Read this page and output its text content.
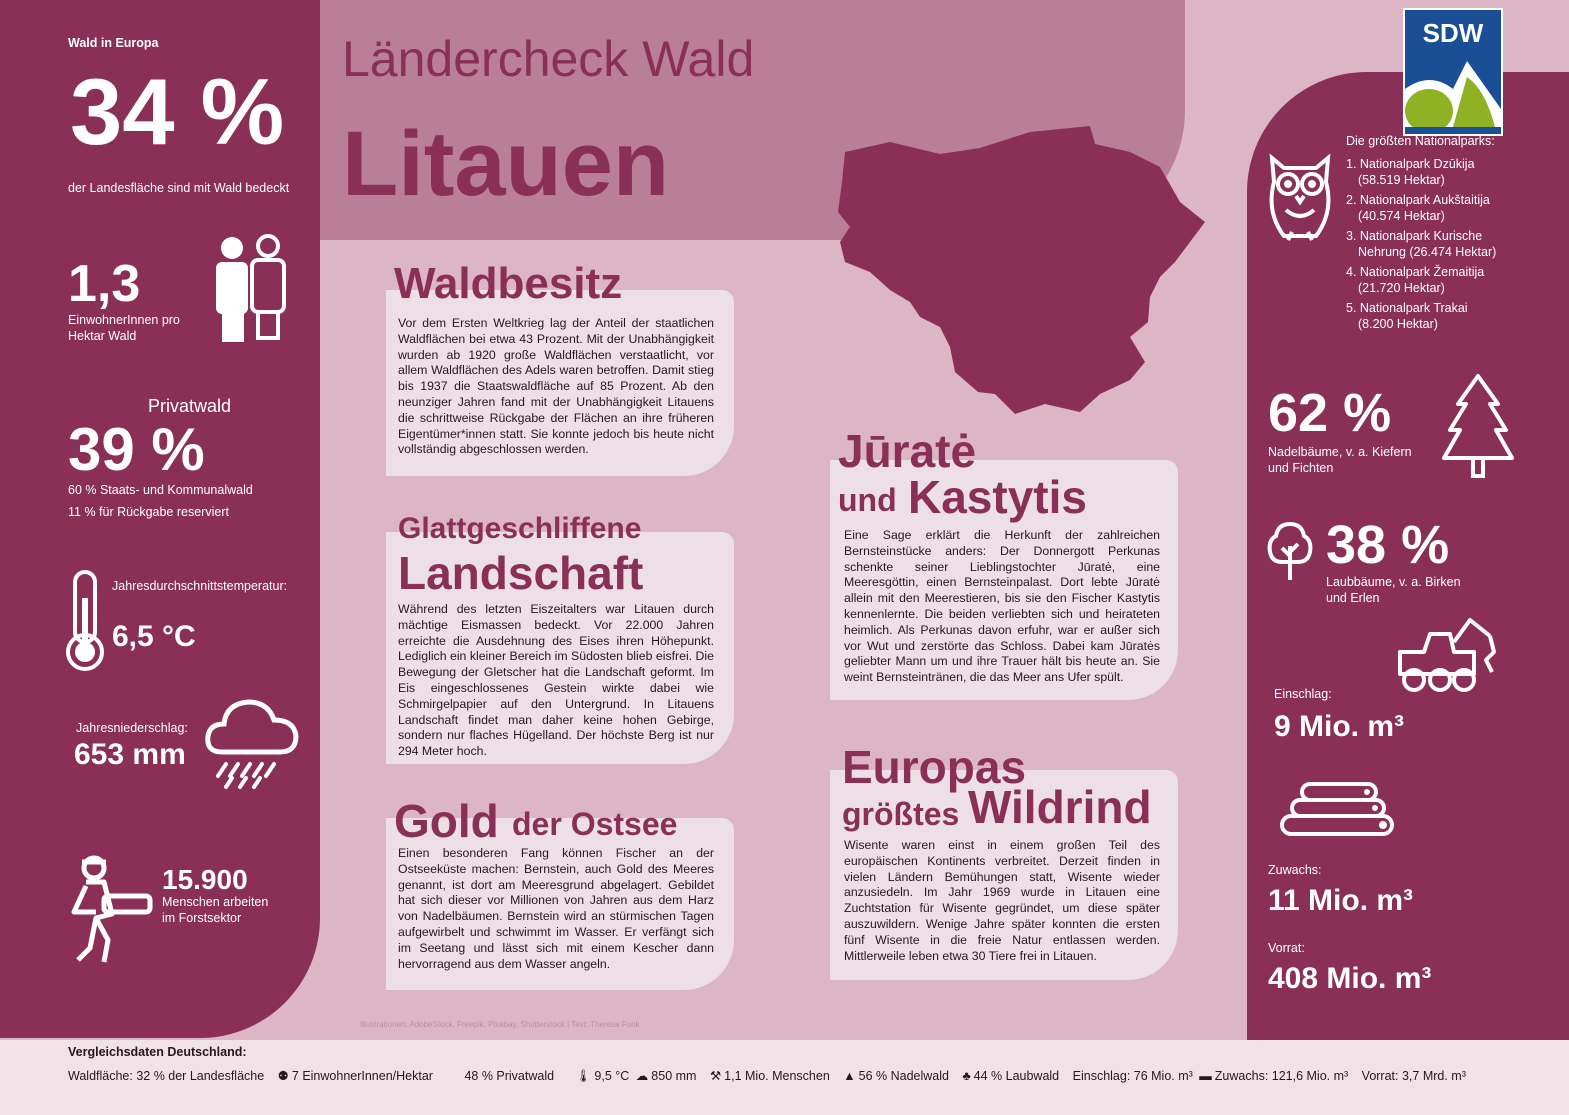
Ländercheck Wald
Litauen
SDW
Wald in Europa
34 %
der Landesfläche sind mit Wald bedeckt
1,3
EinwohnerInnen pro
Hektar Wald
Privatwald
39 %
60 % Staats- und Kommunalwald
11 % für Rückgabe reserviert
Jahresdurchschnittstemperatur:
6,5 °C
Jahresniederschlag:
653 mm
15.900
Menschen arbeiten
im Forstsektor

Vor dem Ersten Weltkrieg lag der Anteil der staatlichen Waldflächen bei etwa 43 Prozent. Mit der Unabhängigkeit wurden ab 1920 große Waldflächen verstaatlicht, vor allem Waldflächen des Adels waren betroffen. Damit stieg bis 1937 die Staatswaldfläche auf 85 Prozent. Ab den neunziger Jahren fand mit der Unabhängigkeit Litauens die schrittweise Rückgabe der Flächen an ihre früheren Eigentümer*innen statt. Sie konnte jedoch bis heute nicht vollständig abgeschlossen werden.

Waldbesitz

Während des letzten Eiszeitalters war Litauen durch mächtige Eismassen bedeckt. Vor 22.000 Jahren erreichte die Ausdehnung des Eises ihren Höhepunkt. Lediglich ein kleiner Bereich im Südosten blieb eisfrei. Die Bewegung der Gletscher hat die Landschaft geformt. Im Eis eingeschlossenes Gestein wirkte dabei wie Schmirgelpapier auf den Untergrund. In Litauens Landschaft findet man daher keine hohen Gebirge, sondern nur flaches Hügelland. Der höchste Berg ist nur 294 Meter hoch.

Glattgeschliffene
Landschaft

Einen besonderen Fang können Fischer an der Ostseeküste machen: Bernstein, auch Gold des Meeres genannt, ist dort am Meeresgrund abgelagert. Gebildet hat sich dieser vor Millionen von Jahren aus dem Harz von Nadelbäumen. Bernstein wird an stürmischen Tagen aufgewirbelt und schwimmt im Wasser. Er verfängt sich im Seetang und lässt sich mit einem Kescher dann hervorragend aus dem Wasser angeln.

Gold der Ostsee

Eine Sage erklärt die Herkunft der zahlreichen Bernsteinstücke anders: Der Donnergott Perkunas schenkte seiner Lieblingstochter Jūratė, eine Meeresgöttin, einen Bernsteinpalast. Dort lebte Jūratė allein mit den Meerestieren, bis sie den Fischer Kastytis kennenlernte. Die beiden verliebten sich und heirateten heimlich. Als Perkunas davon erfuhr, war er außer sich vor Wut und zerstörte das Schloss. Dabei kam Jūratės geliebter Mann um und ihre Trauer hält bis heute an. Sie weint Bernsteintränen, die das Meer ans Ufer spült.

Jūratė
und Kastytis

Wisente waren einst in einem großen Teil des europäischen Kontinents verbreitet. Derzeit finden in vielen Ländern Bemühungen statt, Wisente wieder anzusiedeln. Im Jahr 1969 wurde in Litauen eine Zuchtstation für Wisente gegründet, um diese später auszuwildern. Wenige Jahre später konnten die ersten fünf Wisente in die freie Natur entlassen werden. Mittlerweile leben etwa 30 Tiere frei in Litauen.

Europas
größtes Wildrind
Illustrationen: AdobeStock, Freepik, Pixabay, Shutterstock | Text: Theresa Funk
Die größten Nationalparks:
1. Nationalpark Dzūkija
(58.519 Hektar)
2. Nationalpark Aukštaitija
(40.574 Hektar)
3. Nationalpark Kurische
Nehrung (26.474 Hektar)
4. Nationalpark Žemaitija
(21.720 Hektar)
5. Nationalpark Trakai
(8.200 Hektar)
62 %
Nadelbäume, v. a. Kiefern
und Fichten
38 %
Laubbäume, v. a. Birken
und Erlen
Einschlag:
9 Mio. m³
Zuwachs:
11 Mio. m³
Vorrat:
408 Mio. m³
Vergleichsdaten Deutschland:
Waldfläche: 32 % der Landesfläche ⚉ 7 EinwohnerInnen/Hektar	48 % Privatwald 🌡 9,5 °C ☁ 850 mm ⚒ 1,1 Mio. Menschen ▲ 56 % Nadelwald ♣ 44 % Laubwald Einschlag: 76 Mio. m³ ▬ Zuwachs: 121,6 Mio. m³ Vorrat: 3,7 Mrd. m³
